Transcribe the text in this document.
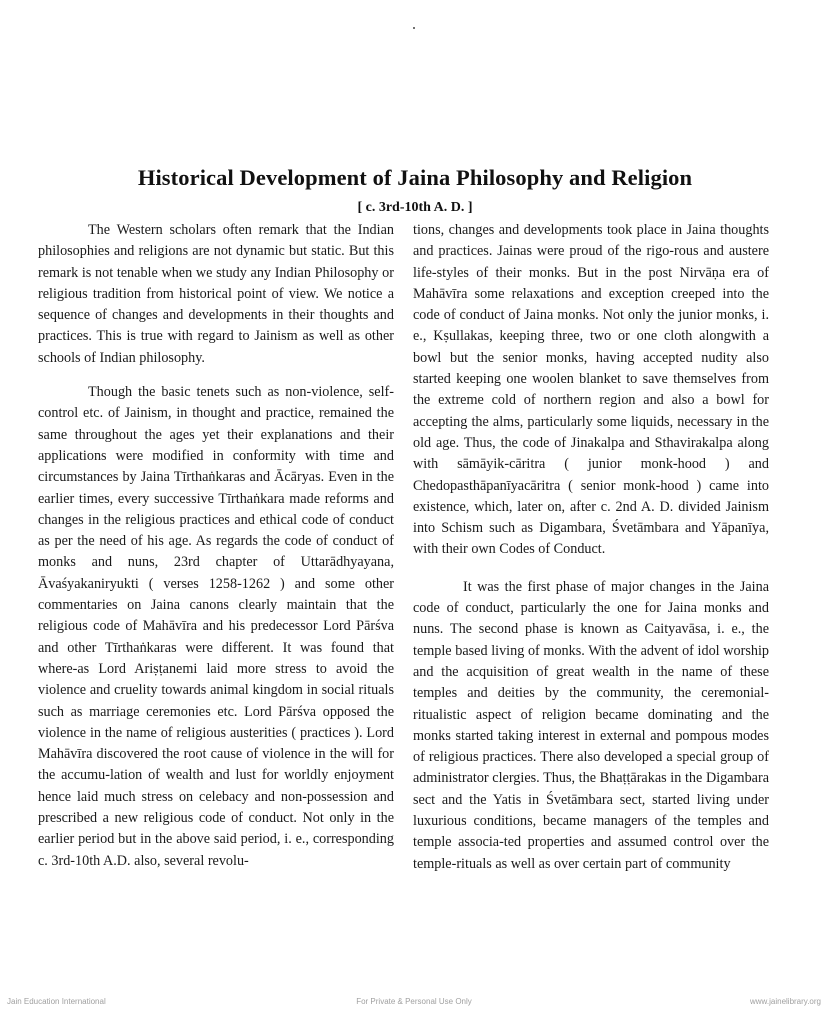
Historical Development of Jaina Philosophy and Religion
[ c. 3rd-10th A. D. ]

The Western scholars often remark that the Indian philosophies and religions are not dynamic but static. But this remark is not tenable when we study any Indian Philosophy or religious tradition from historical point of view. We notice a sequence of changes and developments in their thoughts and practices. This is true with regard to Jainism as well as other schools of Indian philosophy.

Though the basic tenets such as non-violence, self-control etc. of Jainism, in thought and practice, remained the same throughout the ages yet their explanations and their applications were modified in conformity with time and circumstances by Jaina Tīrthaṅkaras and Ācāryas. Even in the earlier times, every successive Tīrthaṅkara made reforms and changes in the religious practices and ethical code of conduct as per the need of his age. As regards the code of conduct of monks and nuns, 23rd chapter of Uttarādhyayana, Āvaśyakaniryukti ( verses 1258-1262 ) and some other commentaries on Jaina canons clearly maintain that the religious code of Mahāvīra and his predecessor Lord Pārśva and other Tīrthaṅkaras were different. It was found that where-as Lord Ariṣṭanemi laid more stress to avoid the violence and cruelity towards animal kingdom in social rituals such as marriage ceremonies etc. Lord Pārśva opposed the violence in the name of religious austerities ( practices ). Lord Mahāvīra discovered the root cause of violence in the will for the accumu-lation of wealth and lust for worldly enjoyment hence laid much stress on celebacy and non-possession and prescribed a new religious code of conduct. Not only in the earlier period but in the above said period, i. e., corresponding c. 3rd-10th A.D. also, several revolu-

tions, changes and developments took place in Jaina thoughts and practices. Jainas were proud of the rigo-rous and austere life-styles of their monks. But in the post Nirvāṇa era of Mahāvīra some relaxations and exception creeped into the code of conduct of Jaina monks. Not only the junior monks, i. e., Kṣullakas, keeping three, two or one cloth alongwith a bowl but the senior monks, having accepted nudity also started keeping one woolen blanket to save themselves from the extreme cold of northern region and also a bowl for accepting the alms, particularly some liquids, necessary in the old age. Thus, the code of Jinakalpa and Sthavirakalpa along with sāmāyik-cāritra ( junior monk-hood ) and Chedopasthāpanīyacāritra ( senior monk-hood ) came into existence, which, later on, after c. 2nd A. D. divided Jainism into Schism such as Digambara, Śvetāmbara and Yāpanīya, with their own Codes of Conduct.

It was the first phase of major changes in the Jaina code of conduct, particularly the one for Jaina monks and nuns. The second phase is known as Caityavāsa, i. e., the temple based living of monks. With the advent of idol worship and the acquisition of great wealth in the name of these temples and deities by the community, the ceremonial-ritualistic aspect of religion became dominating and the monks started taking interest in external and pompous modes of religious practices. There also developed a special group of administrator clergies. Thus, the Bhaṭṭārakas in the Digambara sect and the Yatis in Śvetāmbara sect, started living under luxurious conditions, became managers of the temples and temple associa-ted properties and assumed control over the temple-rituals as well as over certain part of community

Jain Education International	For Private & Personal Use Only	www.jainelibrary.org
